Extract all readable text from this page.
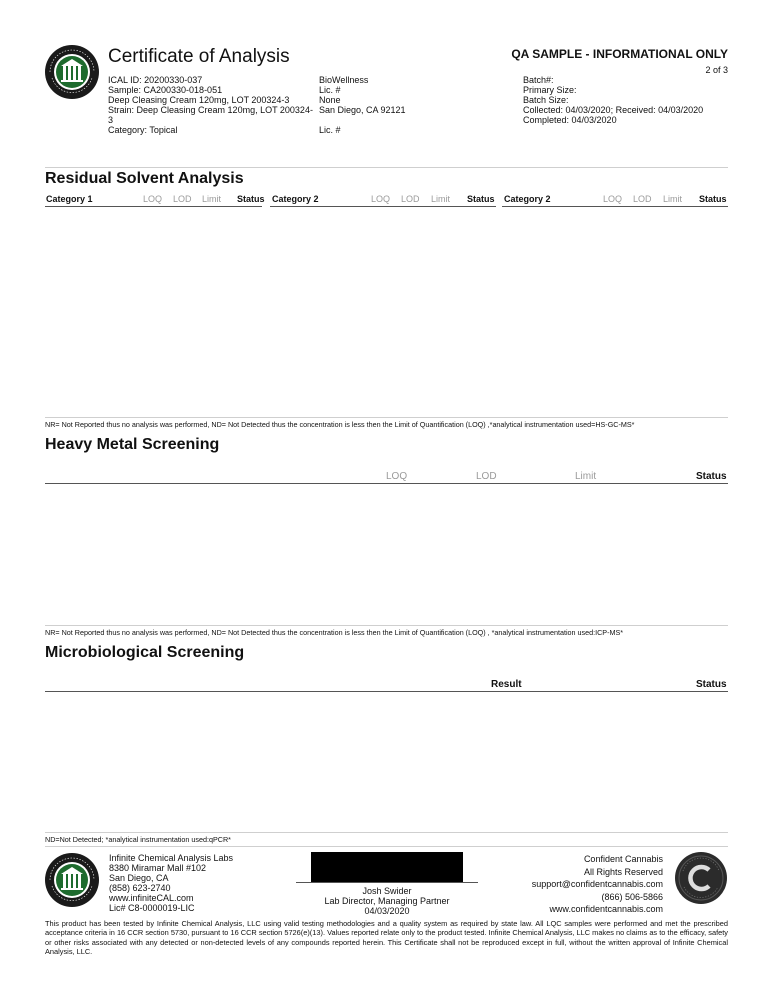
Certificate of Analysis	QA SAMPLE - INFORMATIONAL ONLY
2 of 3
ICAL ID: 20200330-037
Sample: CA200330-018-051
Deep Cleasing Cream 120mg, LOT 200324-3
Strain: Deep Cleasing Cream 120mg, LOT 200324-
3
Category: Topical
BioWellness
Lic. #
None
San Diego, CA 92121
Lic. #
Batch#:
Primary Size:
Batch Size:
Collected: 04/03/2020; Received: 04/03/2020
Completed: 04/03/2020
Residual Solvent Analysis
Category 1	LOQ LOD Limit Status Category 2	LOQ LOD Limit Status Category 2	LOQ LOD Limit Status
NR= Not Reported thus no analysis was performed, ND= Not Detected thus the concentration is less then the Limit of Quantification (LOQ) ,*analytical instrumentation used=HS-GC-MS*
Heavy Metal Screening
LOQ	LOD	Limit	Status
NR= Not Reported thus no analysis was performed, ND= Not Detected thus the concentration is less then the Limit of Quantification (LOQ) , *analytical instrumentation used:ICP-MS*
Microbiological Screening
Result	Status
ND=Not Detected; *analytical instrumentation used:qPCR*
Infinite Chemical Analysis Labs
8380 Miramar Mall #102
San Diego, CA
(858) 623-2740
www.infiniteCAL.com
Lic# C8-0000019-LIC
Josh Swider
Lab Director, Managing Partner
04/03/2020
Confident Cannabis
All Rights Reserved
support@confidentcannabis.com
(866) 506-5866
www.confidentcannabis.com
This product has been tested by Infinite Chemical Analysis, LLC using valid testing methodologies and a quality system as required by state law. All LQC samples were performed and met the prescribed acceptance criteria in 16 CCR section 5730, pursuant to 16 CCR section 5726(e)(13). Values reported relate only to the product tested. Infinite Chemical Analysis, LLC makes no claims as to the efficacy, safety or other risks associated with any detected or non-detected levels of any compounds reported herein. This Certificate shall not be reproduced except in full, without the written approval of Infinite Chemical Analysis, LLC.
